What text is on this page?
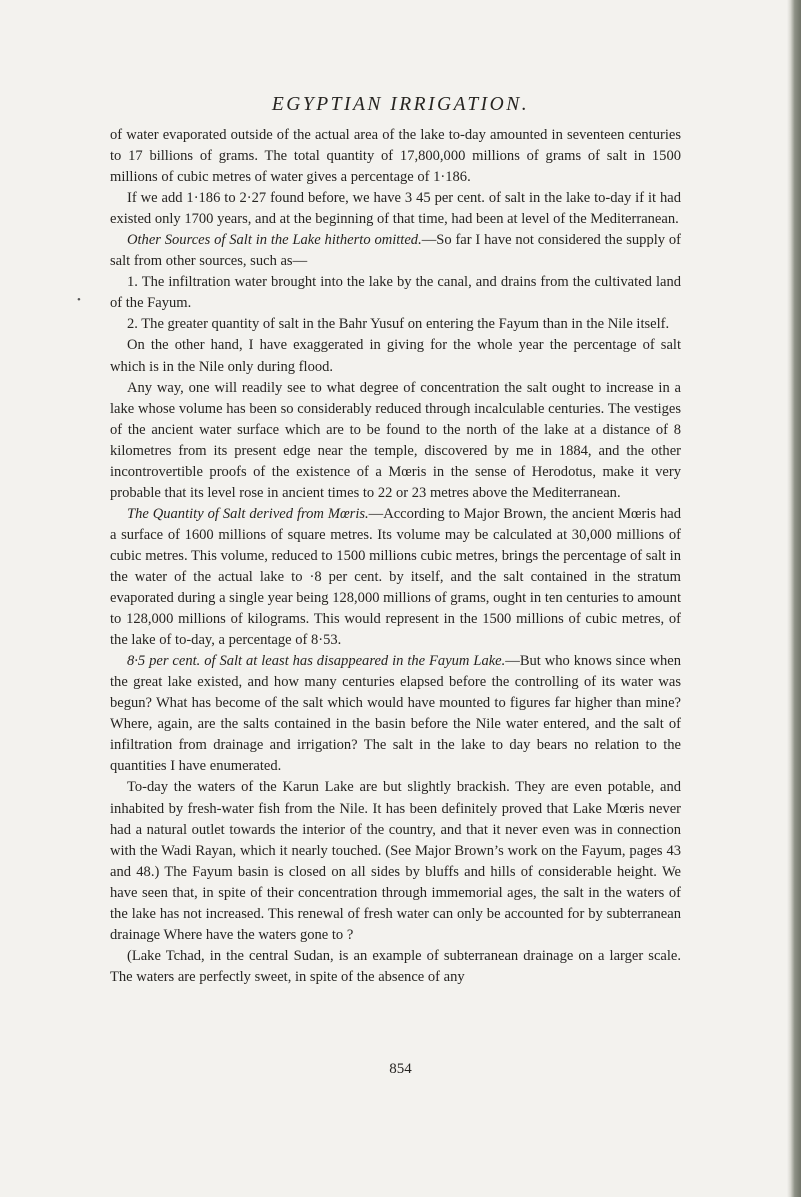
EGYPTIAN IRRIGATION.
•

of water evaporated outside of the actual area of the lake to-day amounted in seventeen centuries to 17 billions of grams. The total quantity of 17,800,000 millions of grams of salt in 1500 millions of cubic metres of water gives a percentage of 1·186.

If we add 1·186 to 2·27 found before, we have 3 45 per cent. of salt in the lake to-day if it had existed only 1700 years, and at the beginning of that time, had been at level of the Mediterranean.

Other Sources of Salt in the Lake hitherto omitted.—So far I have not considered the supply of salt from other sources, such as—

1. The infiltration water brought into the lake by the canal, and drains from the cultivated land of the Fayum.

2. The greater quantity of salt in the Bahr Yusuf on entering the Fayum than in the Nile itself.

On the other hand, I have exaggerated in giving for the whole year the percentage of salt which is in the Nile only during flood.

Any way, one will readily see to what degree of concentration the salt ought to increase in a lake whose volume has been so considerably reduced through incalculable centuries. The vestiges of the ancient water surface which are to be found to the north of the lake at a distance of 8 kilometres from its present edge near the temple, discovered by me in 1884, and the other incontrovertible proofs of the existence of a Mœris in the sense of Herodotus, make it very probable that its level rose in ancient times to 22 or 23 metres above the Mediterranean.

The Quantity of Salt derived from Mœris.—According to Major Brown, the ancient Mœris had a surface of 1600 millions of square metres. Its volume may be calculated at 30,000 millions of cubic metres. This volume, reduced to 1500 millions cubic metres, brings the percentage of salt in the water of the actual lake to ·8 per cent. by itself, and the salt contained in the stratum evaporated during a single year being 128,000 millions of grams, ought in ten centuries to amount to 128,000 millions of kilograms. This would represent in the 1500 millions of cubic metres, of the lake of to-day, a percentage of 8·53.

8·5 per cent. of Salt at least has disappeared in the Fayum Lake.—But who knows since when the great lake existed, and how many centuries elapsed before the controlling of its water was begun? What has become of the salt which would have mounted to figures far higher than mine? Where, again, are the salts contained in the basin before the Nile water entered, and the salt of infiltration from drainage and irrigation? The salt in the lake to day bears no relation to the quantities I have enumerated.

To-day the waters of the Karun Lake are but slightly brackish. They are even potable, and inhabited by fresh-water fish from the Nile. It has been definitely proved that Lake Mœris never had a natural outlet towards the interior of the country, and that it never even was in connection with the Wadi Rayan, which it nearly touched. (See Major Brown’s work on the Fayum, pages 43 and 48.) The Fayum basin is closed on all sides by bluffs and hills of considerable height. We have seen that, in spite of their concentration through immemorial ages, the salt in the waters of the lake has not increased. This renewal of fresh water can only be accounted for by subterranean drainage Where have the waters gone to ?

(Lake Tchad, in the central Sudan, is an example of subterranean drainage on a larger scale. The waters are perfectly sweet, in spite of the absence of any

854
